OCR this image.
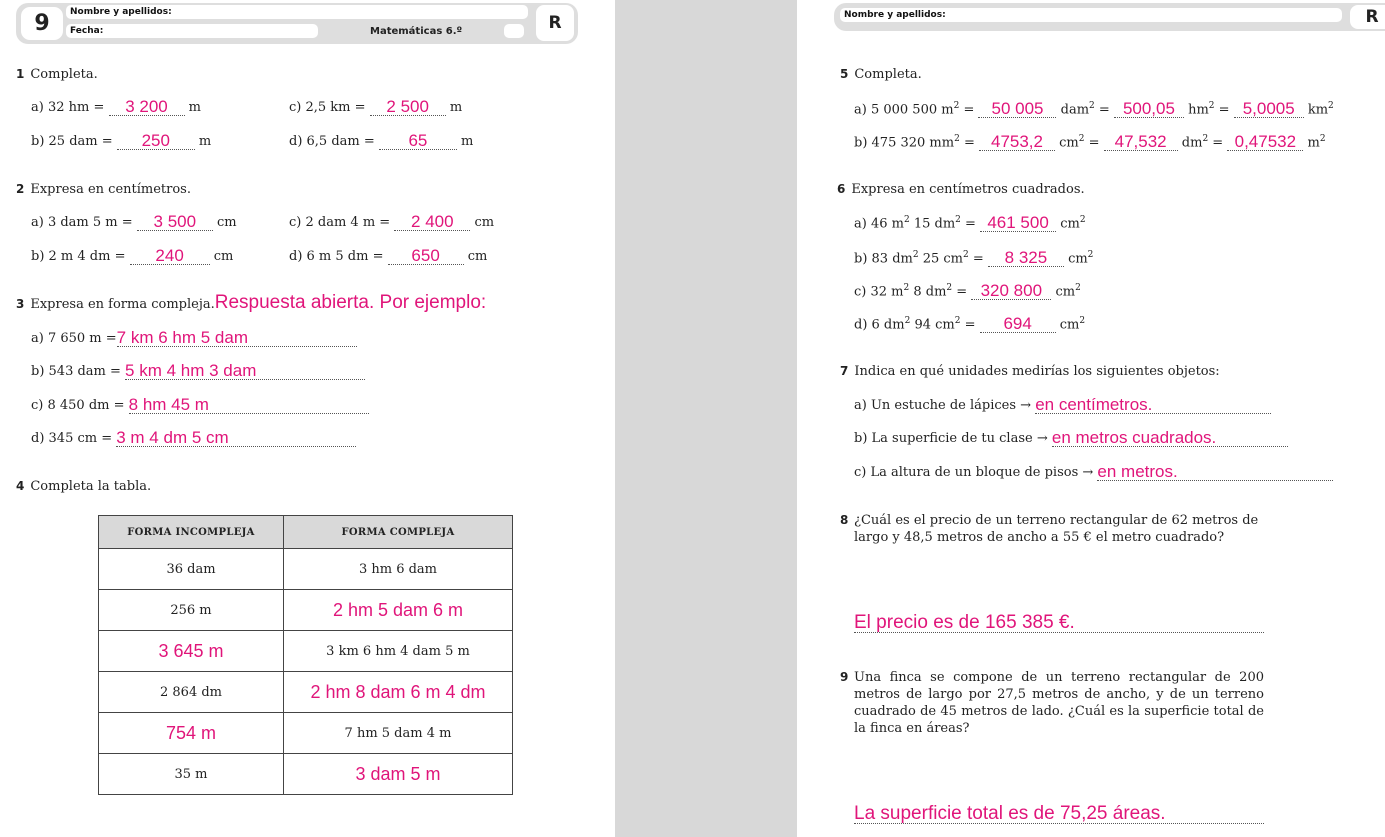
9	Nombre y apellidos:
Fecha:	Matemáticas 6.º	R
1 Completa.
a) 32 hm = 3 200 m
b) 25 dam = 250 m
c) 2,5 km = 2 500 m
d) 6,5 dam = 65	m
2 Expresa en centímetros.
a) 3 dam 5 m = 3 500 cm
b) 2 m 4 dm = 240 cm
c) 2 dam 4 m = 2 400 cm
d) 6 m 5 dm = 650 cm
3 Expresa en forma compleja.Respuesta abierta. Por ejemplo:
a) 7 650 m =7 km 6 hm 5 dam
b) 543 dam = 5 km 4 hm 3 dam
c) 8 450 dm = 8 hm 45 m
d) 345 cm = 3 m 4 dm 5 cm
4 Completa la tabla.
FORMA INCOMPLEJA	FORMA COMPLEJA
36 dam	3 hm 6 dam
256 m	2 hm 5 dam 6 m
3 645 m	3 km 6 hm 4 dam 5 m
2 864 dm	2 hm 8 dam 6 m 4 dm
754 m	7 hm 5 dam 4 m
35 m	3 dam 5 m
Nombre y apellidos:	R
5 Completa.
a) 5 000 500 $m^2 = 50$ 005 dam$^2$ = 500,05 $hm^2 = 5,0005$ $km^2$
b) 475 320 $mm^2 = 4753,2$ $cm^2 = 47,532$ $dm^2 = 0,47532$ $m^2$
6 Expresa en centímetros cuadrados.
a) 46 $m^2$ 15 $dm^2 = 461$ 500 $cm^2$
b) 83 $dm^2$ 25 $cm^2 = 8$ 325 $cm^2$
c) 32 $m^2$ 8 $dm^2 = 320$ 800 $cm^2$
d) 6 $dm^2$ 94 $cm^2 = 694$ $cm^2$
7 Indica en qué unidades medirías los siguientes objetos:
a) Un estuche de lápices → en centímetros.
b) La superficie de tu clase → en metros cuadrados.
c) La altura de un bloque de pisos → en metros.
8 ¿Cuál es el precio de un terreno rectangular de 62 metros de largo y 48,5 metros de ancho a 55 € el metro cuadrado?
El precio es de 165 385 €.
9 Una finca se compone de un terreno rectangular de 200 metros de largo por 27,5 metros de ancho, y de un terreno cuadrado de 45 metros de lado. ¿Cuál es la superficie total de la finca en áreas?
La superficie total es de 75,25 áreas.
